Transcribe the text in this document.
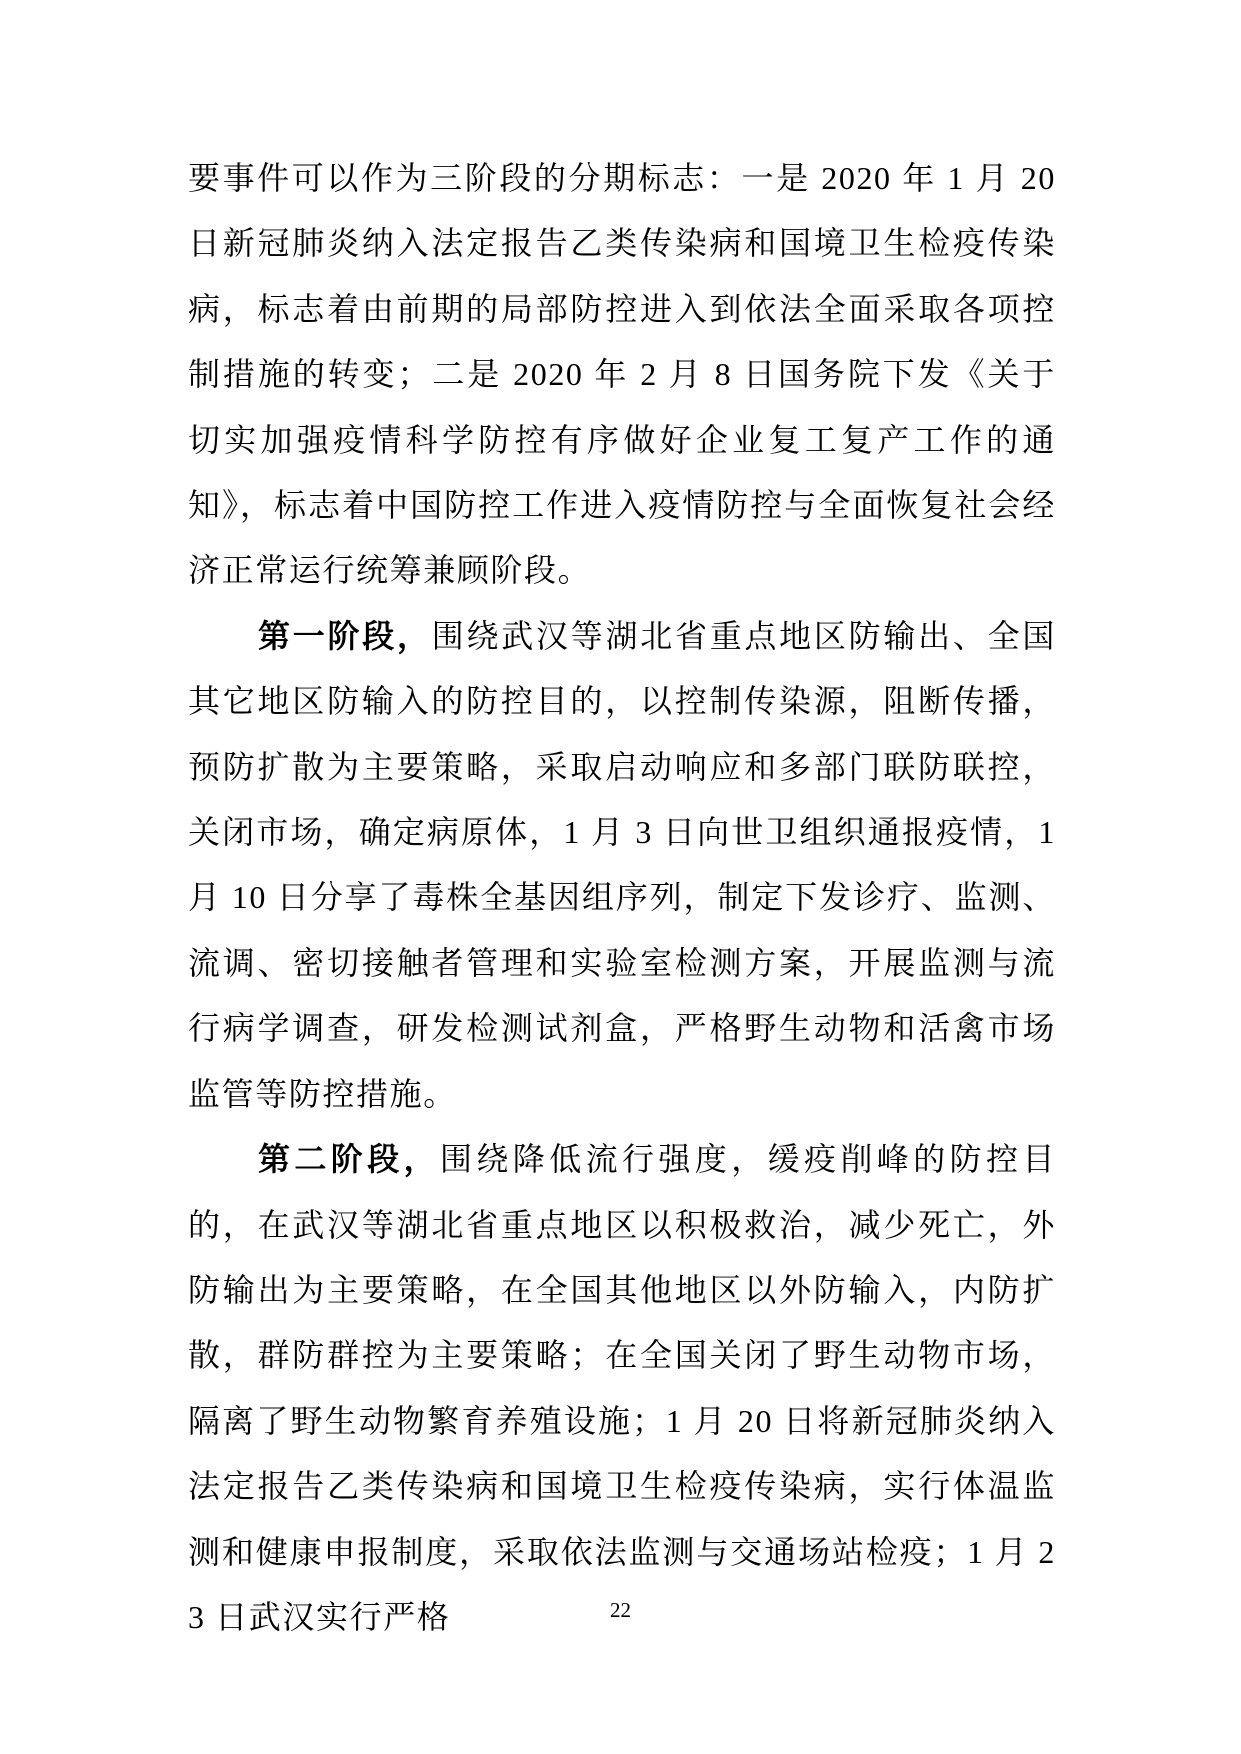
要事件可以作为三阶段的分期标志：一是 2020 年 1 月 20 日新冠肺炎纳入法定报告乙类传染病和国境卫生检疫传染病，标志着由前期的局部防控进入到依法全面采取各项控制措施的转变；二是 2020 年 2 月 8 日国务院下发《关于切实加强疫情科学防控有序做好企业复工复产工作的通知》，标志着中国防控工作进入疫情防控与全面恢复社会经济正常运行统筹兼顾阶段。

第一阶段，围绕武汉等湖北省重点地区防输出、全国其它地区防输入的防控目的，以控制传染源，阻断传播，预防扩散为主要策略，采取启动响应和多部门联防联控，关闭市场，确定病原体，1 月 3 日向世卫组织通报疫情，1 月 10 日分享了毒株全基因组序列，制定下发诊疗、监测、流调、密切接触者管理和实验室检测方案，开展监测与流行病学调查，研发检测试剂盒，严格野生动物和活禽市场监管等防控措施。

第二阶段，围绕降低流行强度，缓疫削峰的防控目的，在武汉等湖北省重点地区以积极救治，减少死亡，外防输出为主要策略，在全国其他地区以外防输入，内防扩散，群防群控为主要策略；在全国关闭了野生动物市场，隔离了野生动物繁育养殖设施；1 月 20 日将新冠肺炎纳入法定报告乙类传染病和国境卫生检疫传染病，实行体温监测和健康申报制度，采取依法监测与交通场站检疫；1 月 23 日武汉实行严格	22
